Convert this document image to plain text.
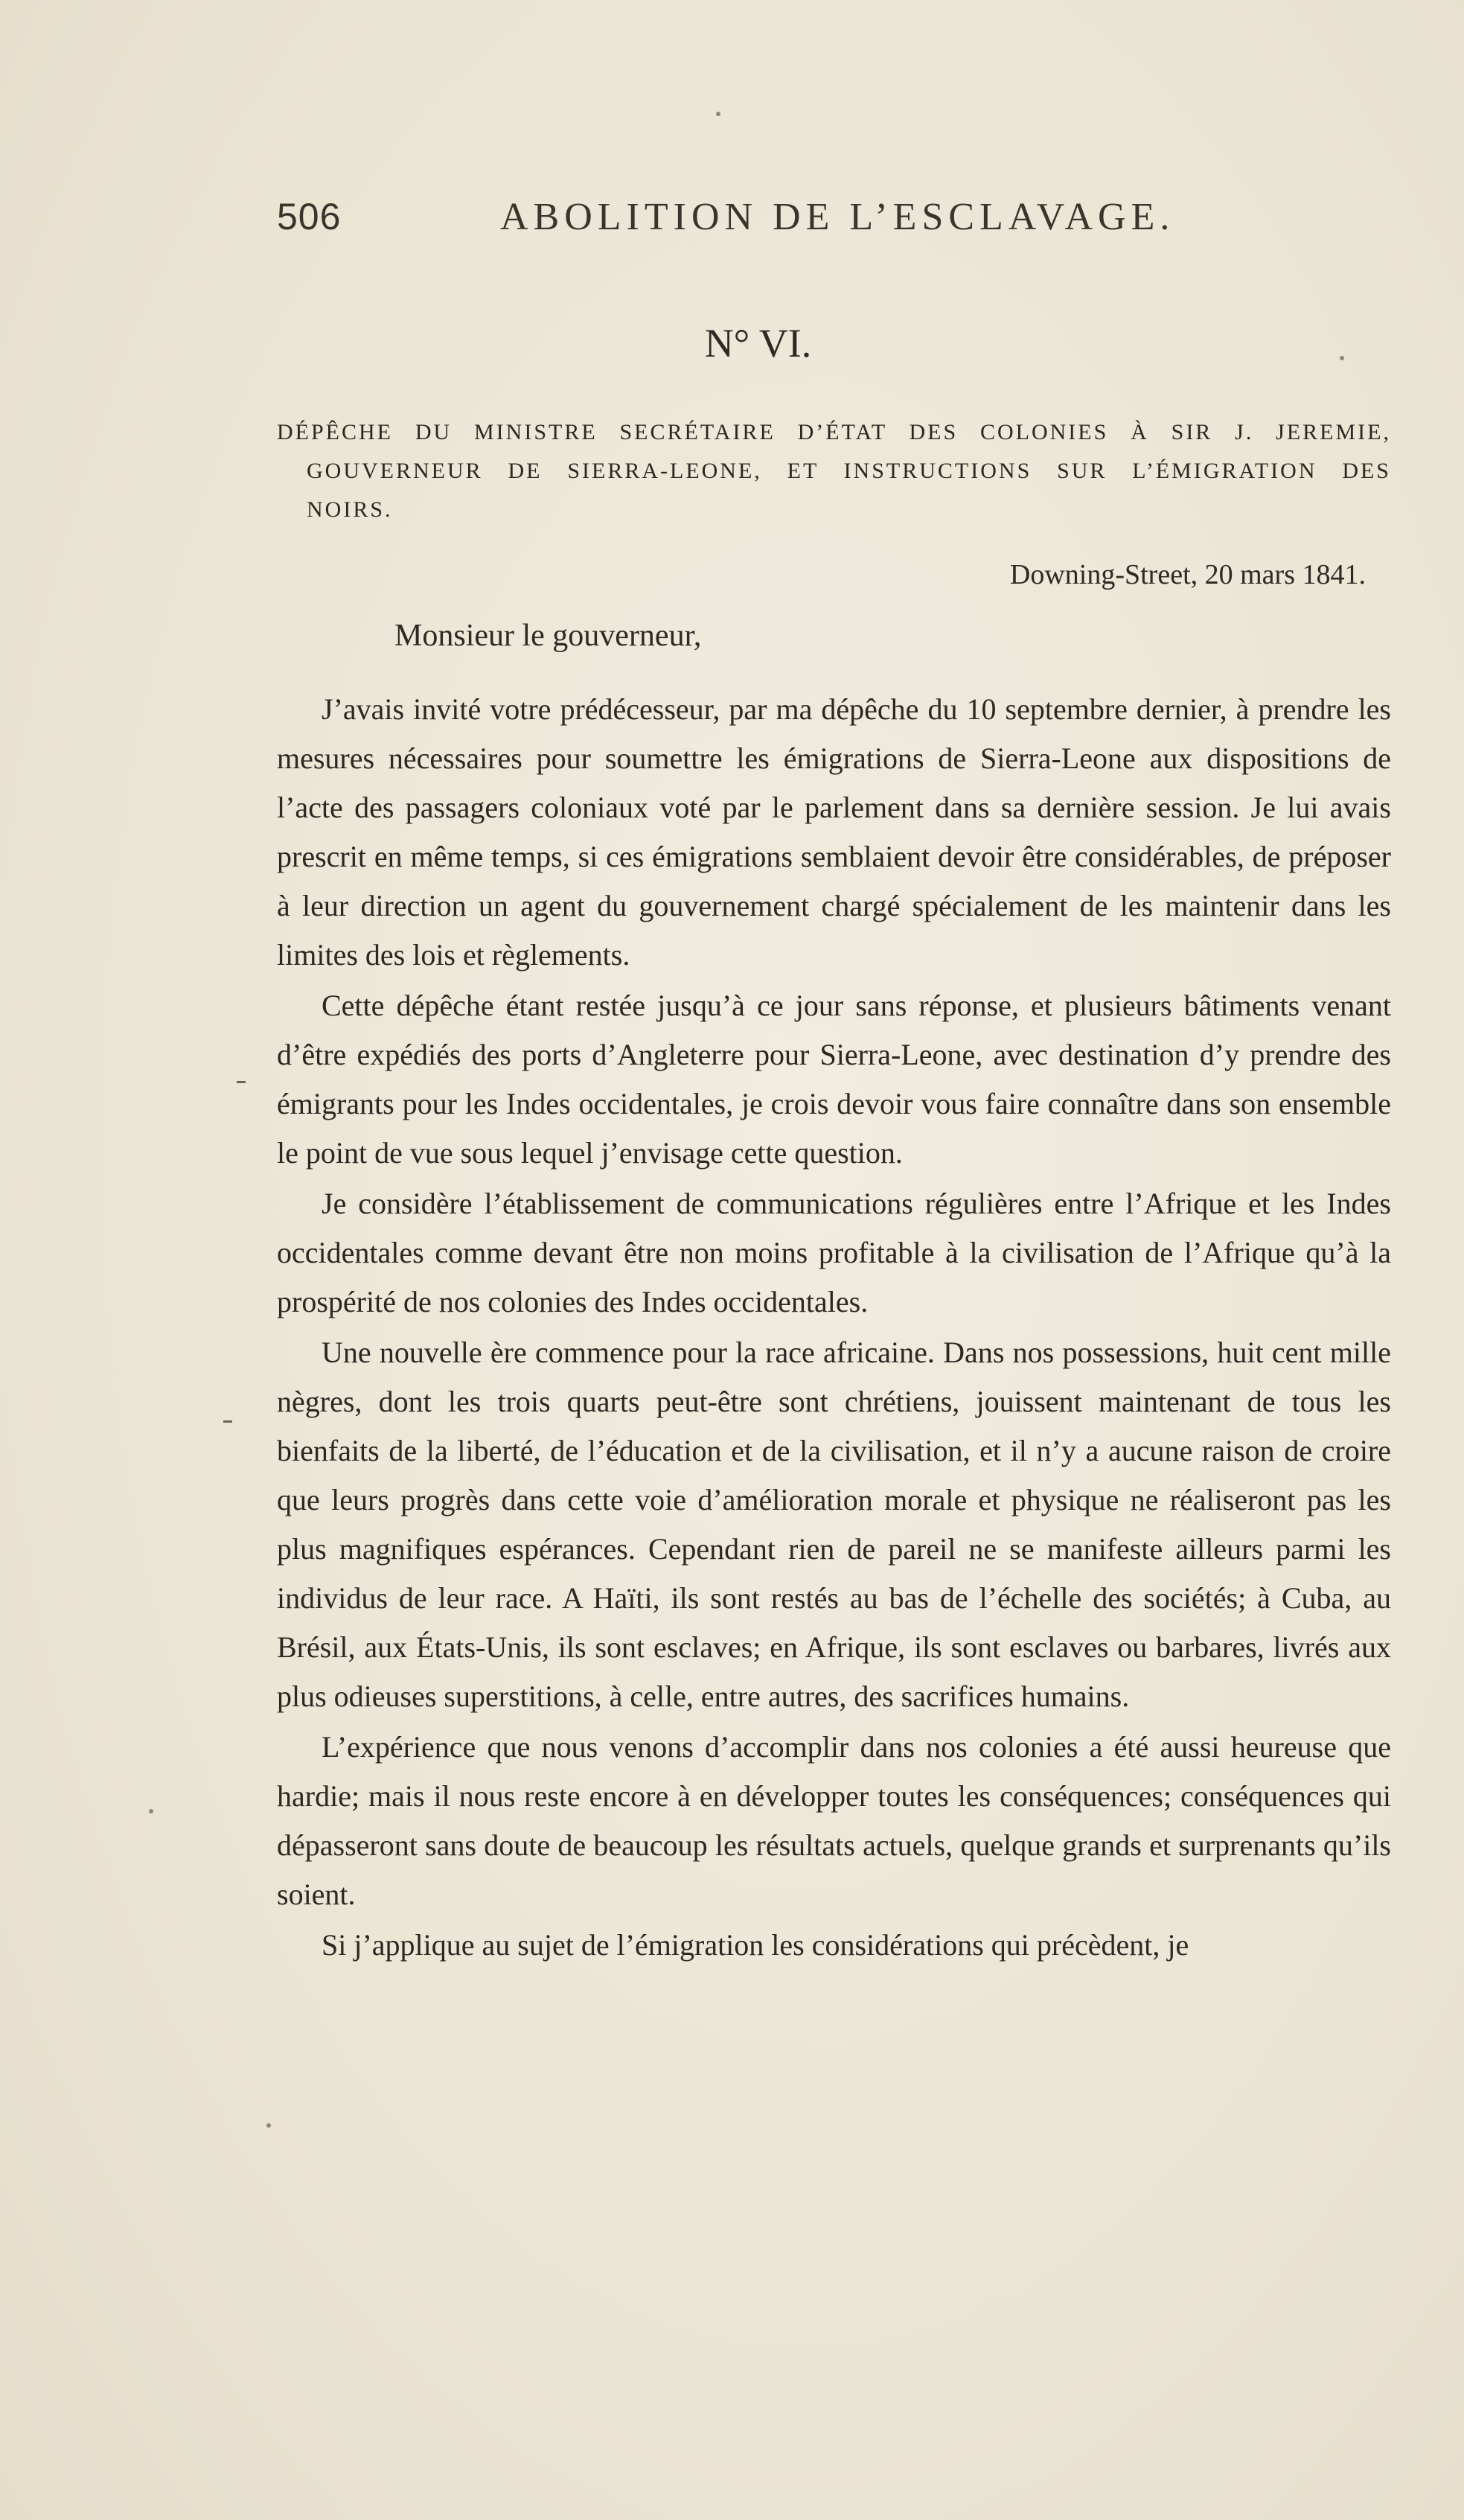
506	ABOLITION DE L’ESCLAVAGE.
N° VI.
DÉPÊCHE DU MINISTRE SECRÉTAIRE D’ÉTAT DES COLONIES À SIR J. JEREMIE,
GOUVERNEUR DE SIERRA-LEONE, ET INSTRUCTIONS SUR L’ÉMIGRATION DES
NOIRS.
Downing-Street, 20 mars 1841.
Monsieur le gouverneur,

J’avais invité votre prédécesseur, par ma dépêche du 10 septembre dernier, à prendre les mesures nécessaires pour soumettre les émigrations de Sierra-Leone aux dispositions de l’acte des passagers coloniaux voté par le parlement dans sa dernière session. Je lui avais prescrit en même temps, si ces émigrations semblaient devoir être considérables, de préposer à leur direction un agent du gouvernement chargé spécialement de les maintenir dans les limites des lois et règlements.

Cette dépêche étant restée jusqu’à ce jour sans réponse, et plusieurs bâtiments venant d’être expédiés des ports d’Angleterre pour Sierra-Leone, avec destination d’y prendre des émigrants pour les Indes occidentales, je crois devoir vous faire connaître dans son ensemble le point de vue sous lequel j’envisage cette question.

Je considère l’établissement de communications régulières entre l’Afrique et les Indes occidentales comme devant être non moins profitable à la civilisation de l’Afrique qu’à la prospérité de nos colonies des Indes occidentales.

Une nouvelle ère commence pour la race africaine. Dans nos possessions, huit cent mille nègres, dont les trois quarts peut-être sont chrétiens, jouissent maintenant de tous les bienfaits de la liberté, de l’éducation et de la civilisation, et il n’y a aucune raison de croire que leurs progrès dans cette voie d’amélioration morale et physique ne réaliseront pas les plus magnifiques espérances. Cependant rien de pareil ne se manifeste ailleurs parmi les individus de leur race. A Haïti, ils sont restés au bas de l’échelle des sociétés; à Cuba, au Brésil, aux États-Unis, ils sont esclaves; en Afrique, ils sont esclaves ou barbares, livrés aux plus odieuses superstitions, à celle, entre autres, des sacrifices humains.

L’expérience que nous venons d’accomplir dans nos colonies a été aussi heureuse que hardie; mais il nous reste encore à en développer toutes les conséquences; conséquences qui dépasseront sans doute de beaucoup les résultats actuels, quelque grands et surprenants qu’ils soient.

Si j’applique au sujet de l’émigration les considérations qui précèdent, je
